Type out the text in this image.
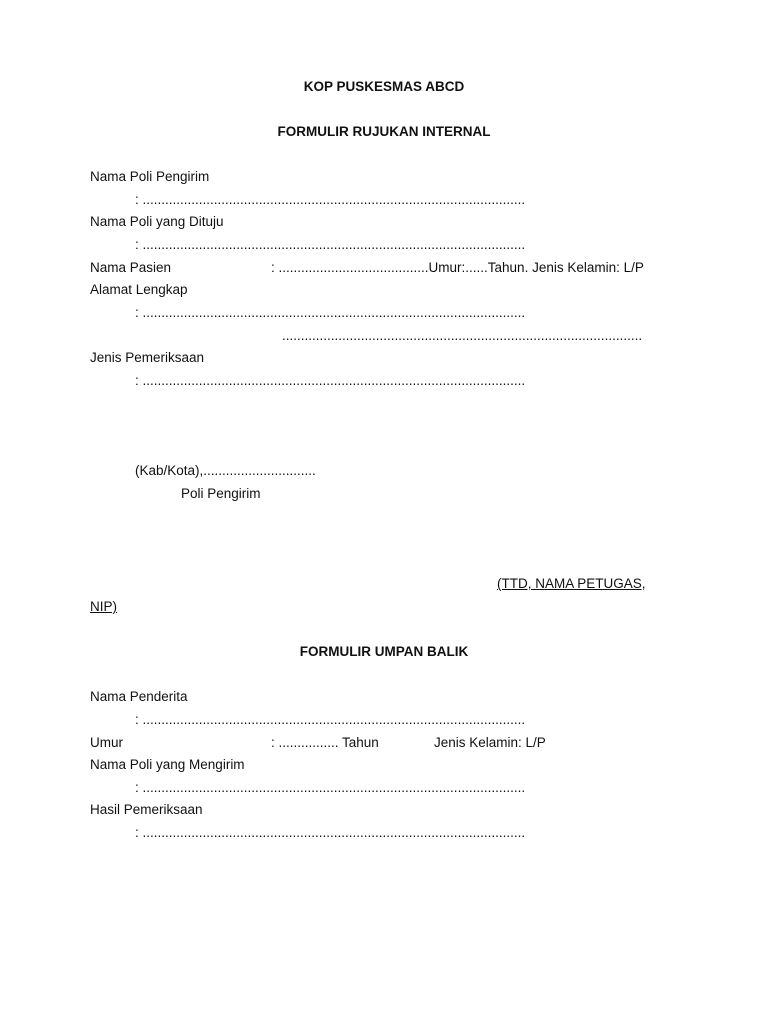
KOP PUSKESMAS ABCD
FORMULIR RUJUKAN INTERNAL
Nama Poli Pengirim
: ......................................................................................................
Nama Poli yang Dituju
: ......................................................................................................
Nama Pasien	: ........................................Umur:......Tahun. Jenis Kelamin: L/P
Alamat Lengkap
: ......................................................................................................
................................................................................................
Jenis Pemeriksaan
: ......................................................................................................
(Kab/Kota),..............................
Poli Pengirim
(TTD, NAMA PETUGAS,
NIP)
FORMULIR UMPAN BALIK
Nama Penderita
: ......................................................................................................
Umur	: ................ Tahun	Jenis Kelamin: L/P
Nama Poli yang Mengirim
: ......................................................................................................
Hasil Pemeriksaan
: ......................................................................................................
